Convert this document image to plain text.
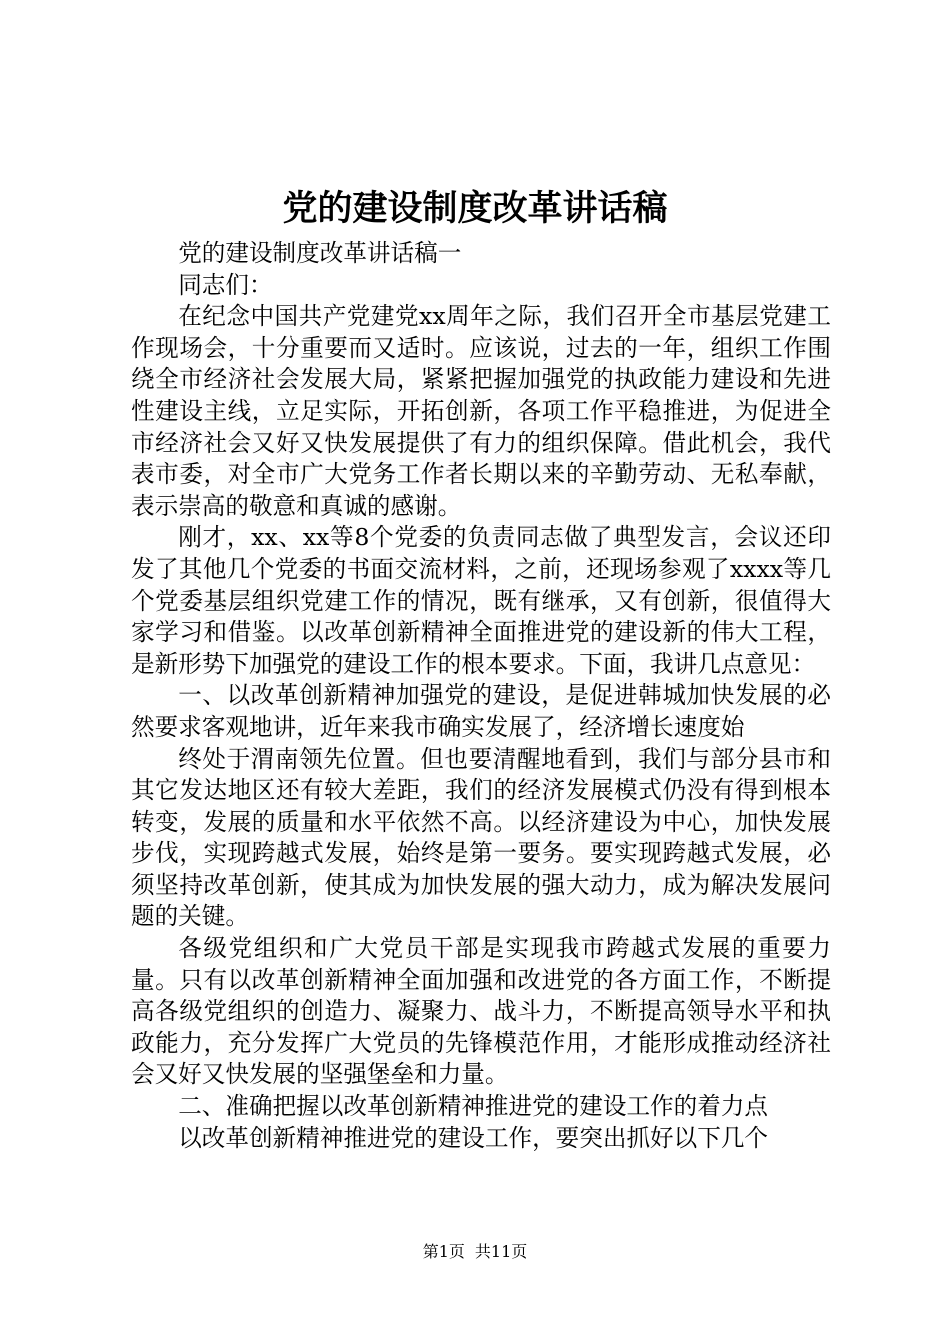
党的建设制度改革讲话稿

党的建设制度改革讲话稿一

同志们：

在纪念中国共产党建党xx周年之际，我们召开全市基层党建工作现场会，十分重要而又适时。应该说，过去的一年，组织工作围绕全市经济社会发展大局，紧紧把握加强党的执政能力建设和先进性建设主线，立足实际，开拓创新，各项工作平稳推进，为促进全市经济社会又好又快发展提供了有力的组织保障。借此机会，我代表市委，对全市广大党务工作者长期以来的辛勤劳动、无私奉献，表示崇高的敬意和真诚的感谢。

刚才，xx、xx等8个党委的负责同志做了典型发言，会议还印发了其他几个党委的书面交流材料，之前，还现场参观了xxxx等几个党委基层组织党建工作的情况，既有继承，又有创新，很值得大家学习和借鉴。以改革创新精神全面推进党的建设新的伟大工程，是新形势下加强党的建设工作的根本要求。下面，我讲几点意见：

一、以改革创新精神加强党的建设，是促进韩城加快发展的必然要求客观地讲，近年来我市确实发展了，经济增长速度始

终处于渭南领先位置。但也要清醒地看到，我们与部分县市和其它发达地区还有较大差距，我们的经济发展模式仍没有得到根本转变，发展的质量和水平依然不高。以经济建设为中心，加快发展步伐，实现跨越式发展，始终是第一要务。要实现跨越式发展，必须坚持改革创新，使其成为加快发展的强大动力，成为解决发展问题的关键。

各级党组织和广大党员干部是实现我市跨越式发展的重要力量。只有以改革创新精神全面加强和改进党的各方面工作，不断提高各级党组织的创造力、凝聚力、战斗力，不断提高领导水平和执政能力，充分发挥广大党员的先锋模范作用，才能形成推动经济社会又好又快发展的坚强堡垒和力量。

二、准确把握以改革创新精神推进党的建设工作的着力点

以改革创新精神推进党的建设工作，要突出抓好以下几个

第1页 共11页
